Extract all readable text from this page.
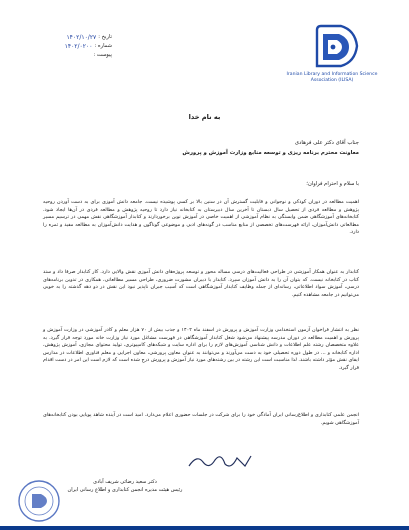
تاریخ :
۱۴۰۲/۱۰/۲۷
شماره :
۱۴۰۲/۰۲۰۰
پیوست :
Iranian Library and Information Science Association (ILISA)
به نام خدا
جناب آقای دکتر علی فرهادی
معاونت محترم برنامه ریزی و توسعه منابع وزارت آموزش و پرورش
با سلام و احترام فراوان؛
اهمیت مطالعه در دوران کودکی و نوجوانی و قابلیت گسترش آن در سنین بالا بر کسی پوشیده نیست. جامعه دانش آموزی برای به دست آوردن روحیه پژوهش و مطالعه فردی از تحصیل سال دبستان تا آخرین سال دبیرستان به کتابخانه نیاز دارد تا روحیه پژوهش و مطالعه فردی در آن‌ها ایجاد شود. کتابخانه‌های آموزشگاهی ضمن وابستگی به نظام آموزشی از اهمیت خاصی در آموزش نوین برخوردارند و کتابدار آموزشگاهی نقش مهمی در ترسیم مسیر مطالعاتی دانش‌آموزان، ارائه فهرست‌های تخصصی از منابع مناسب در گونه‌های ادبی و موضوعی گوناگون و هدایت دانش‌آموزان به مطالعه مفید و ثمره را دارد.
کتابدار به عنوان همکار آموزشی در طراحی فعالیت‌های درسی مساله محور و توسعه پروژه‌های دانش آموزی نقش والایی دارد. کار کتابدار صرفا داد و ستد کتاب در کتابخانه نیست. که بتوان آن را به دانش آموزان سپرد. کتابدار با دبیران مشورت ضروری، طراحی مسیر مطالعاتی، همکاری در تدوین برنامه‌های درسی، آموزش سواد اطلاعاتی، رسانه‌ای از جمله وظایف کتابدار آموزشگاهی است که آسیب جبران ناپذیر نبود این نقش در دو دهه گذشته را به خوبی می‌توانیم در جامعه مشاهده کنیم.
نظر به انتشار فراخوان آزمون استخدامی وزارت آموزش و پرورش در اسفند ماه ۱۴۰۲ و جذب بیش از ۷۰ هزار معلم و کادر آموزشی در وزارت آموزش و پرورش و اهمیت مطالعه در دوران مدرسه پیشنهاد می‌شود شغل کتابدار آموزشگاهی در فهرست مشاغل مورد نیاز وزارت خانه مورد توجه قرار گیرد. به علاوه متخصصان رشته علم اطلاعات و دانش شناسی آموزش‌های لازم را برای اداره سایت و شبکه‌های کامپیوتری، تولید محتوای مجازی، آموزش پژوهش، اداره کتابخانه و ... در طول دوره تحصیلی خود به دست می‌آورند و می‌توانند به عنوان معاون پرورشی، معاون اجرایی و معلم فناوری اطلاعات در مدارس ایفای نقش مؤثر داشته باشند. لذا مناسبت است این رشته در بین رشته‌های مورد نیاز آموزش و پرورش درج شده است که لازم است این امر در دست اقدام قرار گیرد.
انجمن علمی کتابداری و اطلاع‌رسانی ایران آمادگی خود را برای شرکت در جلسات حضوری اعلام می‌دارد. امید است در آینده شاهد پویایی بودن کتابخانه‌های آموزشگاهی شویم.
دکتر سعید رضائی شریف آبادی
رئیس هیئت مدیره انجمن کتابداری و اطلاع رسانی ایران
